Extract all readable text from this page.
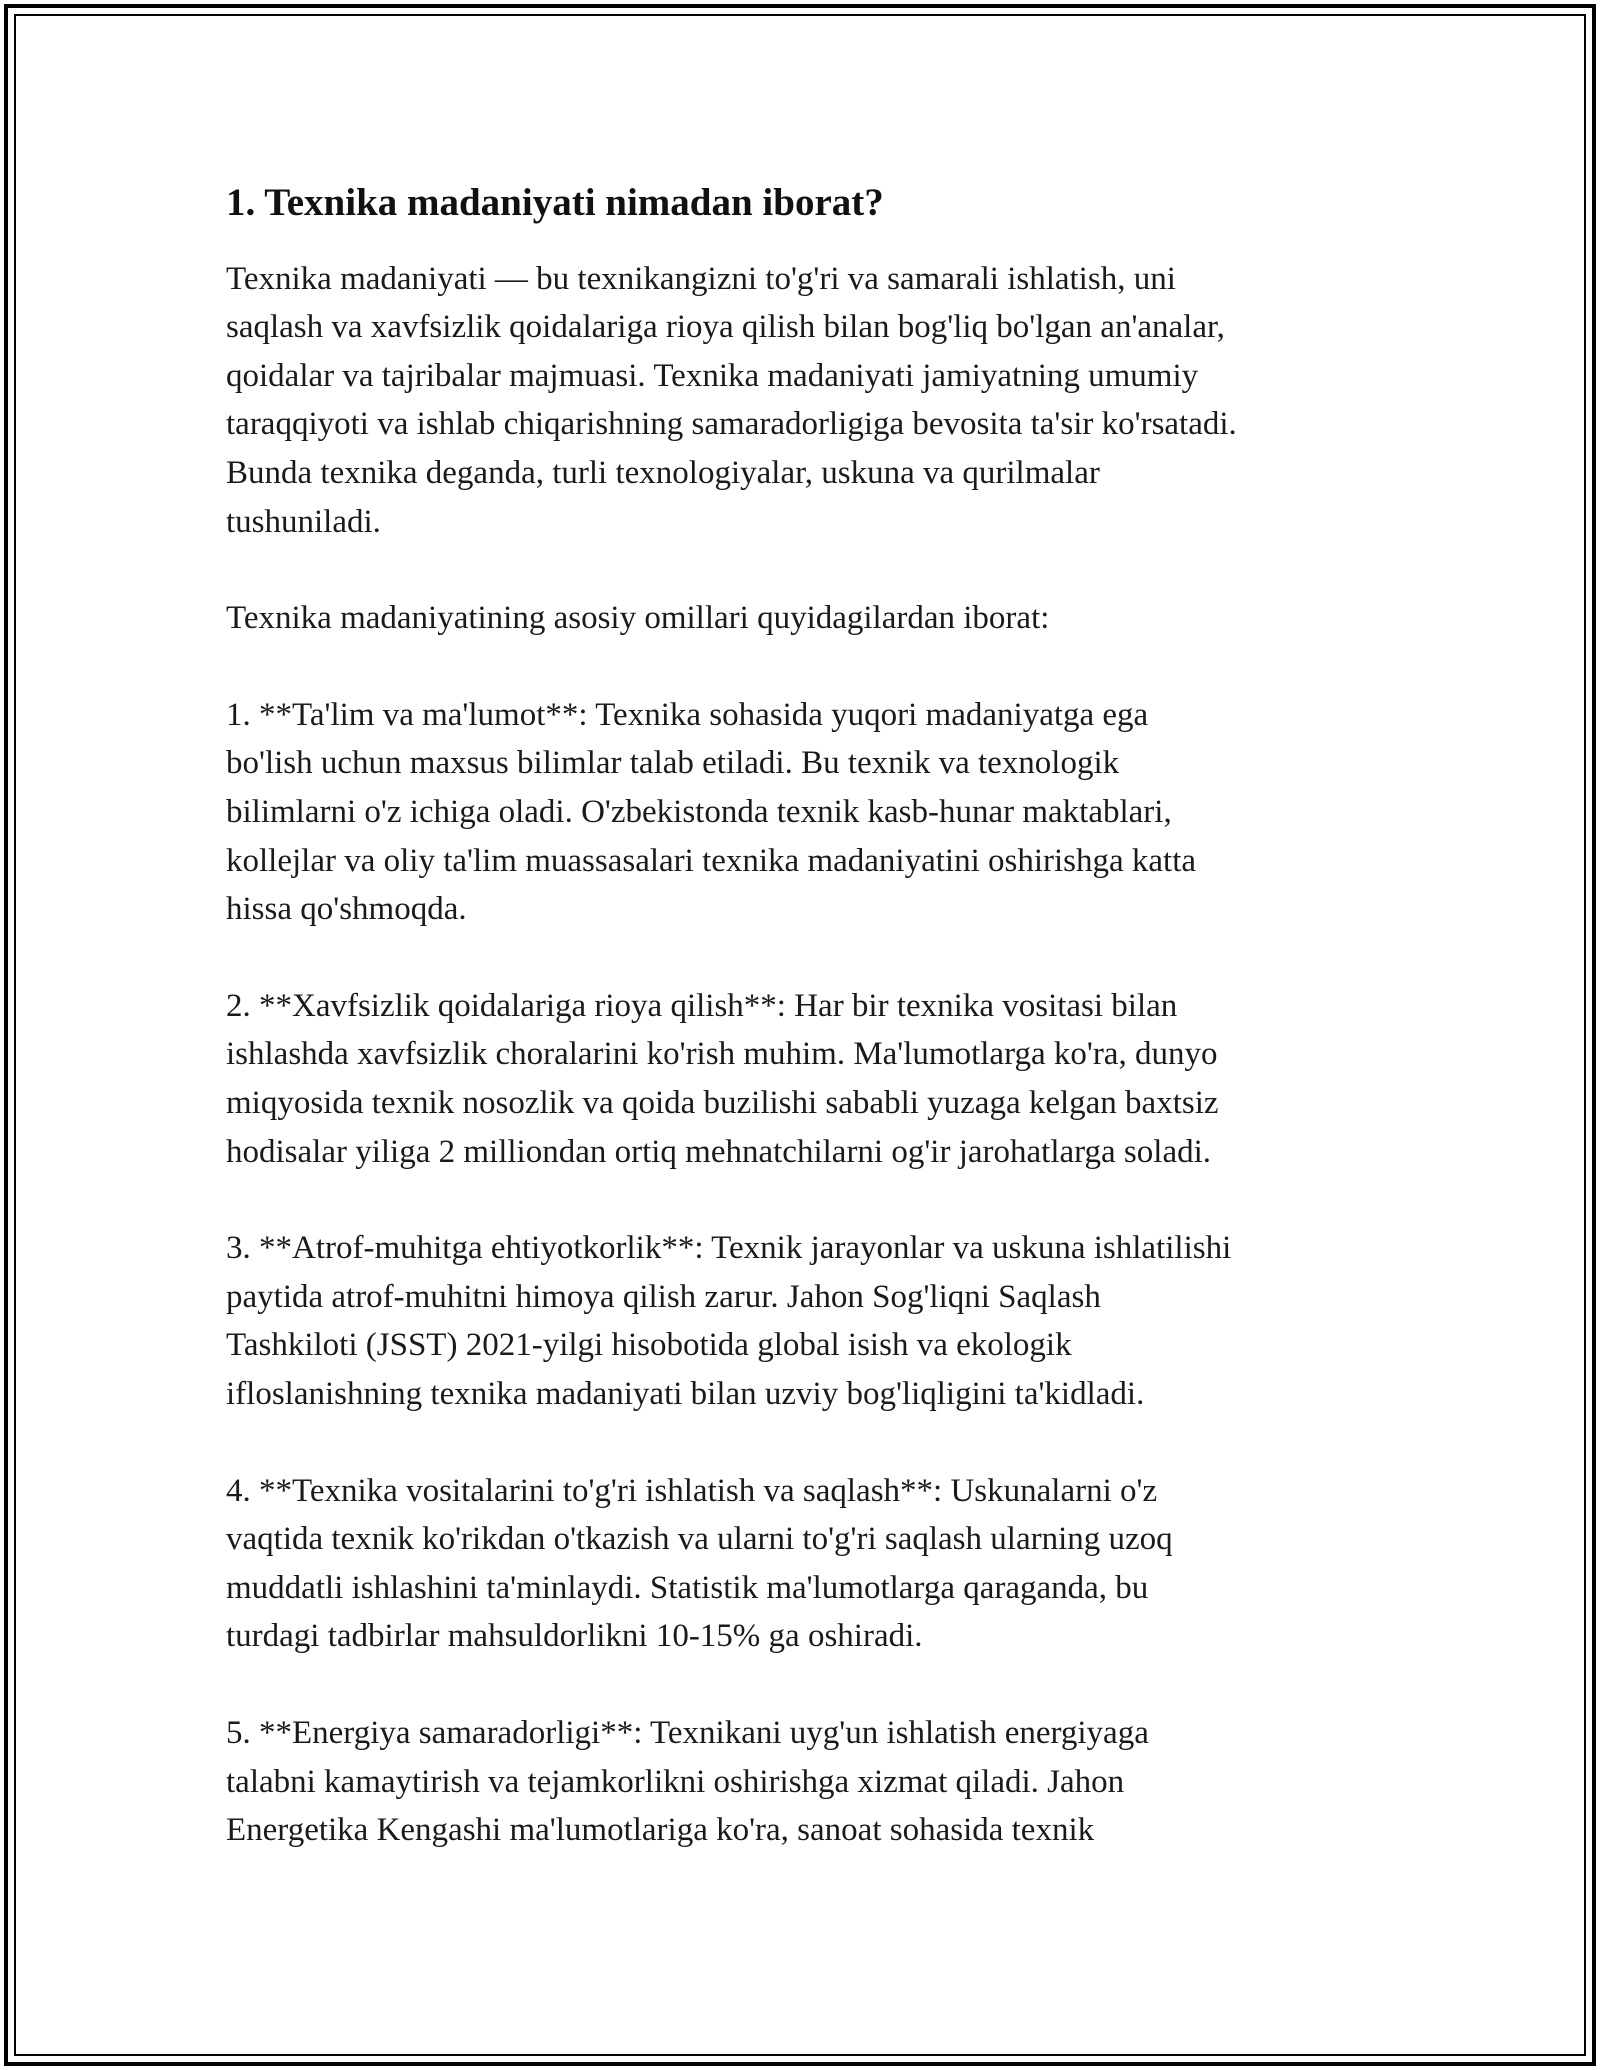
1. Texnika madaniyati nimadan iborat?

Texnika madaniyati — bu texnikangizni to'g'ri va samarali ishlatish, uni
saqlash va xavfsizlik qoidalariga rioya qilish bilan bog'liq bo'lgan an'analar,
qoidalar va tajribalar majmuasi. Texnika madaniyati jamiyatning umumiy
taraqqiyoti va ishlab chiqarishning samaradorligiga bevosita ta'sir ko'rsatadi.
Bunda texnika deganda, turli texnologiyalar, uskuna va qurilmalar
tushuniladi.

Texnika madaniyatining asosiy omillari quyidagilardan iborat:

1. **Ta'lim va ma'lumot**: Texnika sohasida yuqori madaniyatga ega
bo'lish uchun maxsus bilimlar talab etiladi. Bu texnik va texnologik
bilimlarni o'z ichiga oladi. O'zbekistonda texnik kasb-hunar maktablari,
kollejlar va oliy ta'lim muassasalari texnika madaniyatini oshirishga katta
hissa qo'shmoqda.

2. **Xavfsizlik qoidalariga rioya qilish**: Har bir texnika vositasi bilan
ishlashda xavfsizlik choralarini ko'rish muhim. Ma'lumotlarga ko'ra, dunyo
miqyosida texnik nosozlik va qoida buzilishi sababli yuzaga kelgan baxtsiz
hodisalar yiliga 2 milliondan ortiq mehnatchilarni og'ir jarohatlarga soladi.

3. **Atrof-muhitga ehtiyotkorlik**: Texnik jarayonlar va uskuna ishlatilishi
paytida atrof-muhitni himoya qilish zarur. Jahon Sog'liqni Saqlash
Tashkiloti (JSST) 2021-yilgi hisobotida global isish va ekologik
ifloslanishning texnika madaniyati bilan uzviy bog'liqligini ta'kidladi.

4. **Texnika vositalarini to'g'ri ishlatish va saqlash**: Uskunalarni o'z
vaqtida texnik ko'rikdan o'tkazish va ularni to'g'ri saqlash ularning uzoq
muddatli ishlashini ta'minlaydi. Statistik ma'lumotlarga qaraganda, bu
turdagi tadbirlar mahsuldorlikni 10-15% ga oshiradi.

5. **Energiya samaradorligi**: Texnikani uyg'un ishlatish energiyaga
talabni kamaytirish va tejamkorlikni oshirishga xizmat qiladi. Jahon
Energetika Kengashi ma'lumotlariga ko'ra, sanoat sohasida texnik
